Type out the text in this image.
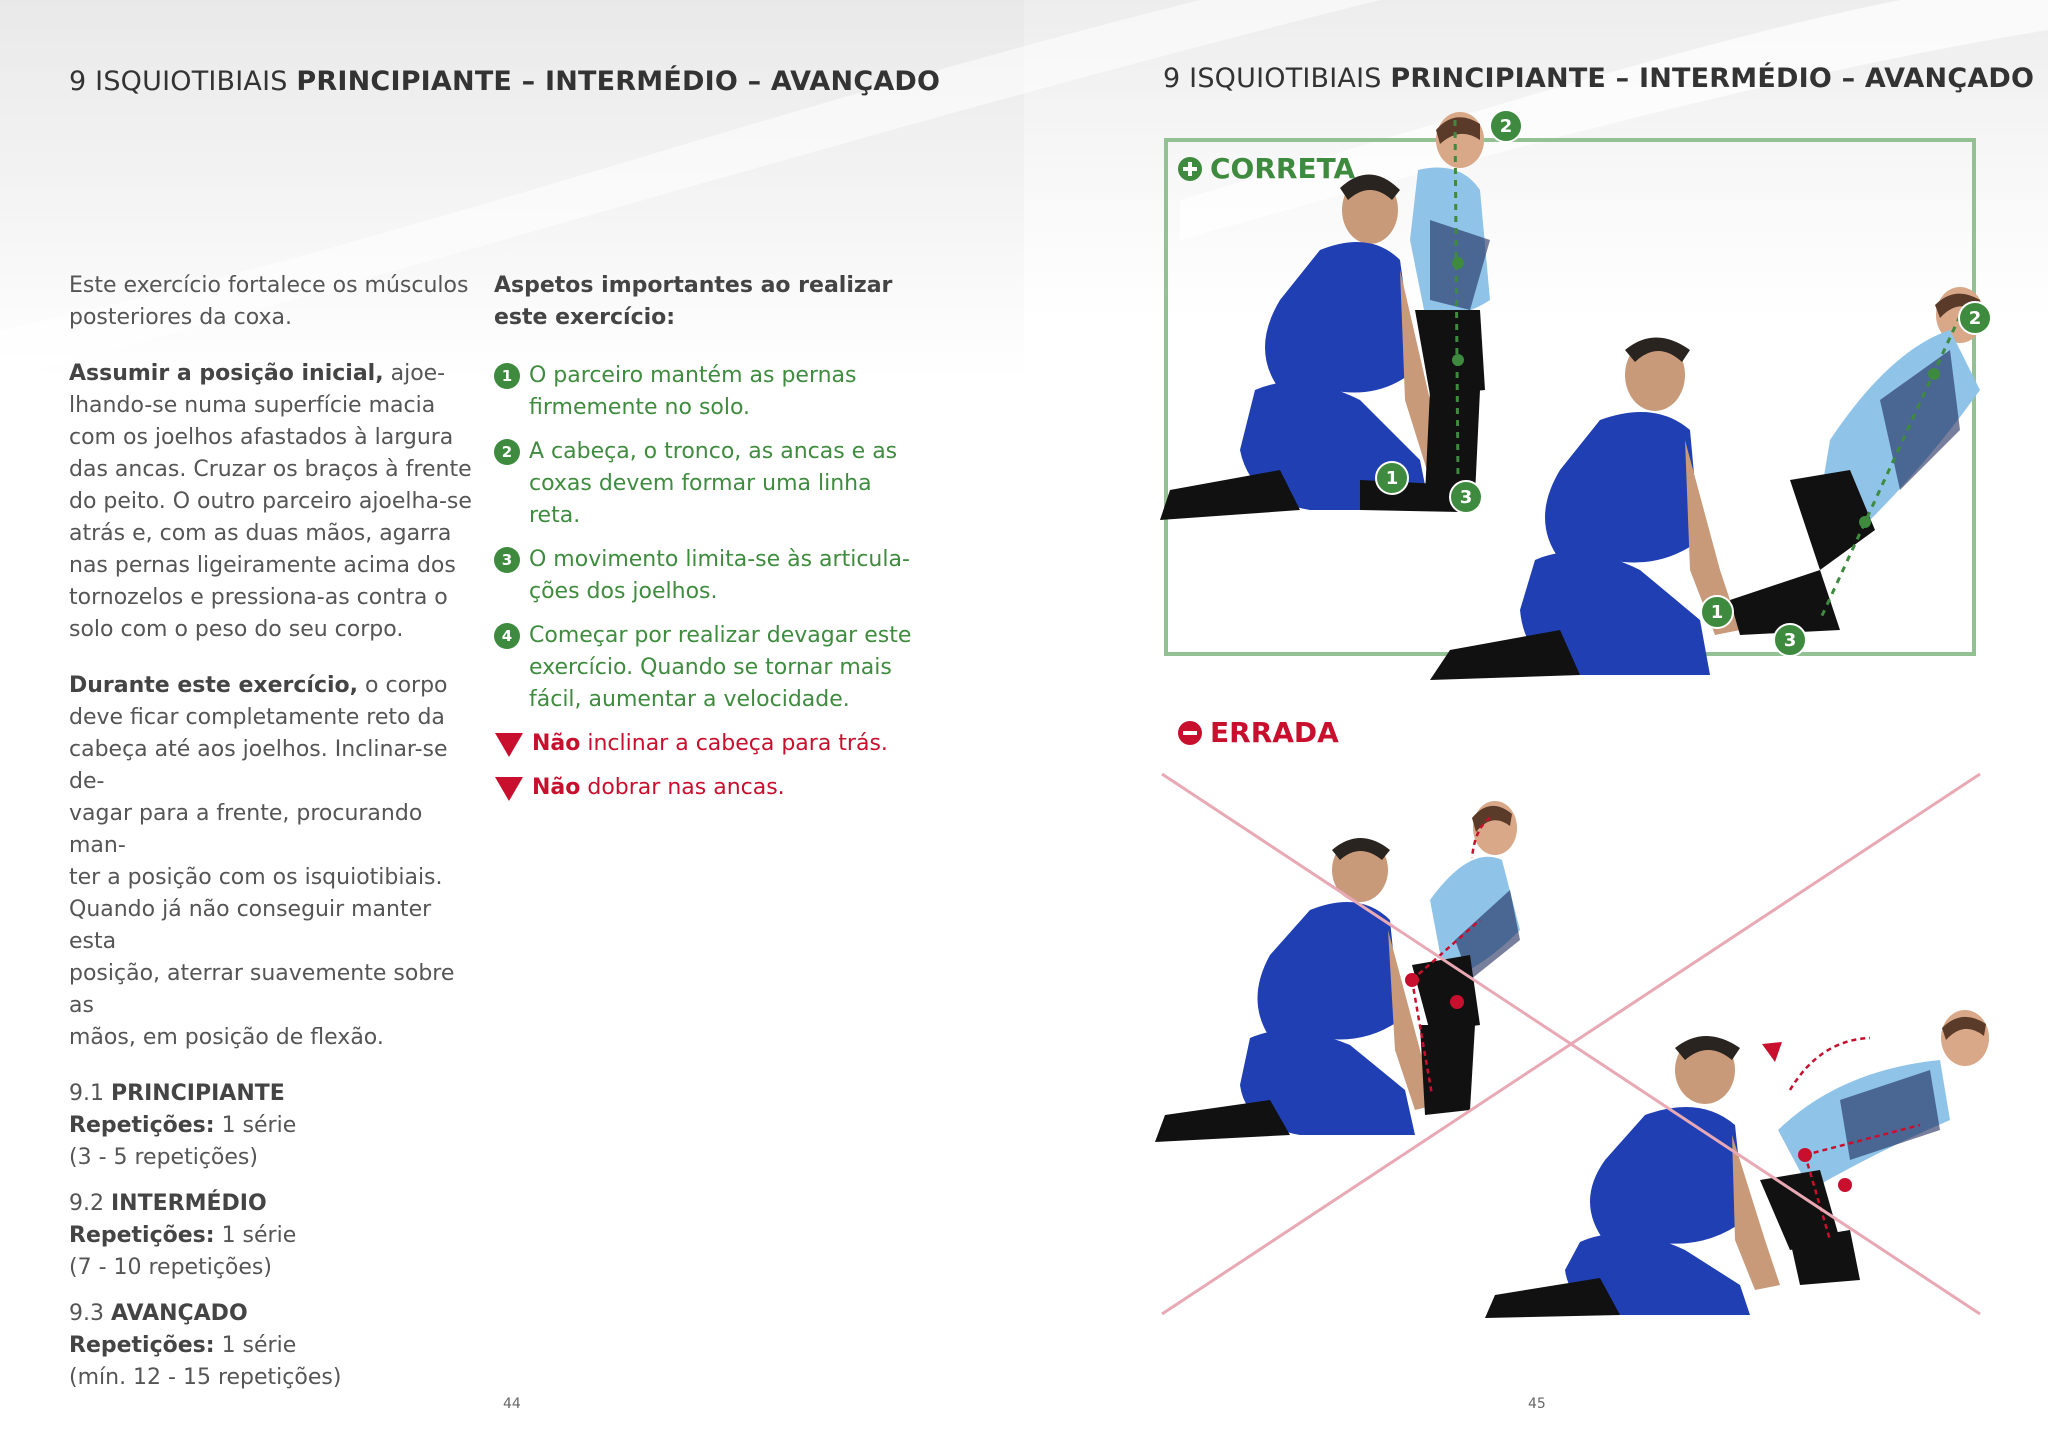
9 ISQUIOTIBIAIS PRINCIPIANTE – INTERMÉDIO – AVANÇADO

Este exercício fortalece os músculos
posteriores da coxa.

Assumir a posição inicial, ajoe-
lhando-se numa superfície macia
com os joelhos afastados à largura
das ancas. Cruzar os braços à frente
do peito. O outro parceiro ajoelha-se
atrás e, com as duas mãos, agarra
nas pernas ligeiramente acima dos
tornozelos e pressiona-as contra o
solo com o peso do seu corpo.

Durante este exercício, o corpo
deve ficar completamente reto da
cabeça até aos joelhos. Inclinar-se de-
vagar para a frente, procurando man-
ter a posição com os isquiotibiais.
Quando já não conseguir manter esta
posição, aterrar suavemente sobre as
mãos, em posição de flexão.

9.1 PRINCIPIANTE
Repetições: 1 série
(3 - 5 repetições)
9.2 INTERMÉDIO
Repetições: 1 série
(7 - 10 repetições)
9.3 AVANÇADO
Repetições: 1 série
(mín. 12 - 15 repetições)
Aspetos importantes ao realizar
este exercício:
1 O parceiro mantém as pernas
firmemente no solo.
2 A cabeça, o tronco, as ancas e as
coxas devem formar uma linha
reta.
3 O movimento limita-se às articula-
ções dos joelhos.
4 Começar por realizar devagar este
exercício. Quando se tornar mais
fácil, aumentar a velocidade.
Não inclinar a cabeça para trás.
Não dobrar nas ancas.
44
9 ISQUIOTIBIAIS PRINCIPIANTE – INTERMÉDIO – AVANÇADO
1
2
3
1
2
3
CORRETA
ERRADA
45
